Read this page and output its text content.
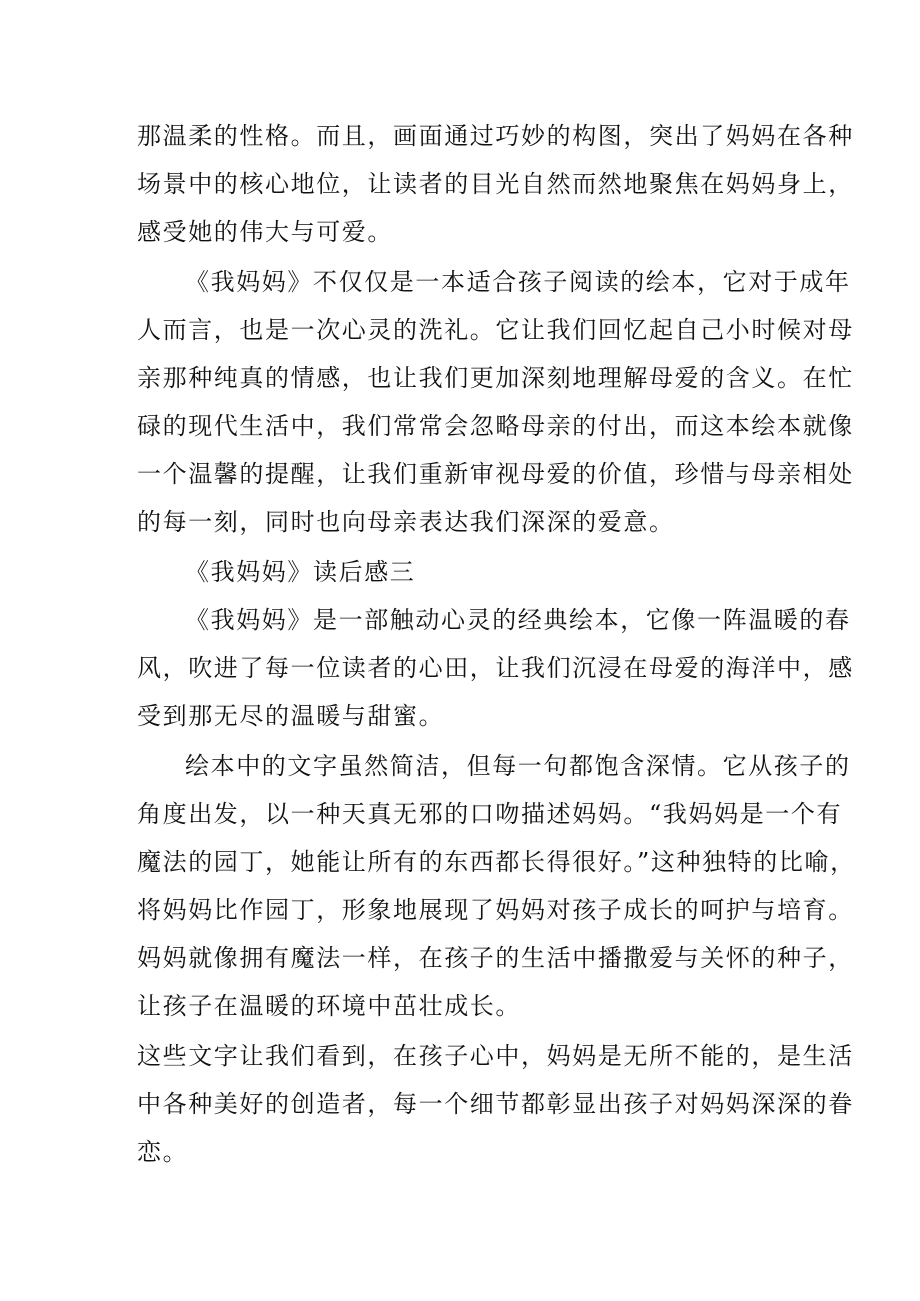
那温柔的性格。而且，画面通过巧妙的构图，突出了妈妈在各种
场景中的核心地位，让读者的目光自然而然地聚焦在妈妈身上，
感受她的伟大与可爱。
《我妈妈》不仅仅是一本适合孩子阅读的绘本，它对于成年
人而言，也是一次心灵的洗礼。它让我们回忆起自己小时候对母
亲那种纯真的情感，也让我们更加深刻地理解母爱的含义。在忙
碌的现代生活中，我们常常会忽略母亲的付出，而这本绘本就像
一个温馨的提醒，让我们重新审视母爱的价值，珍惜与母亲相处
的每一刻，同时也向母亲表达我们深深的爱意。
《我妈妈》读后感三
《我妈妈》是一部触动心灵的经典绘本，它像一阵温暖的春
风，吹进了每一位读者的心田，让我们沉浸在母爱的海洋中，感
受到那无尽的温暖与甜蜜。
绘本中的文字虽然简洁，但每一句都饱含深情。它从孩子的
角度出发，以一种天真无邪的口吻描述妈妈。“我妈妈是一个有
魔法的园丁，她能让所有的东西都长得很好。”这种独特的比喻，
将妈妈比作园丁，形象地展现了妈妈对孩子成长的呵护与培育。
妈妈就像拥有魔法一样，在孩子的生活中播撒爱与关怀的种子，
让孩子在温暖的环境中茁壮成长。
这些文字让我们看到，在孩子心中，妈妈是无所不能的，是生活
中各种美好的创造者，每一个细节都彰显出孩子对妈妈深深的眷
恋。
